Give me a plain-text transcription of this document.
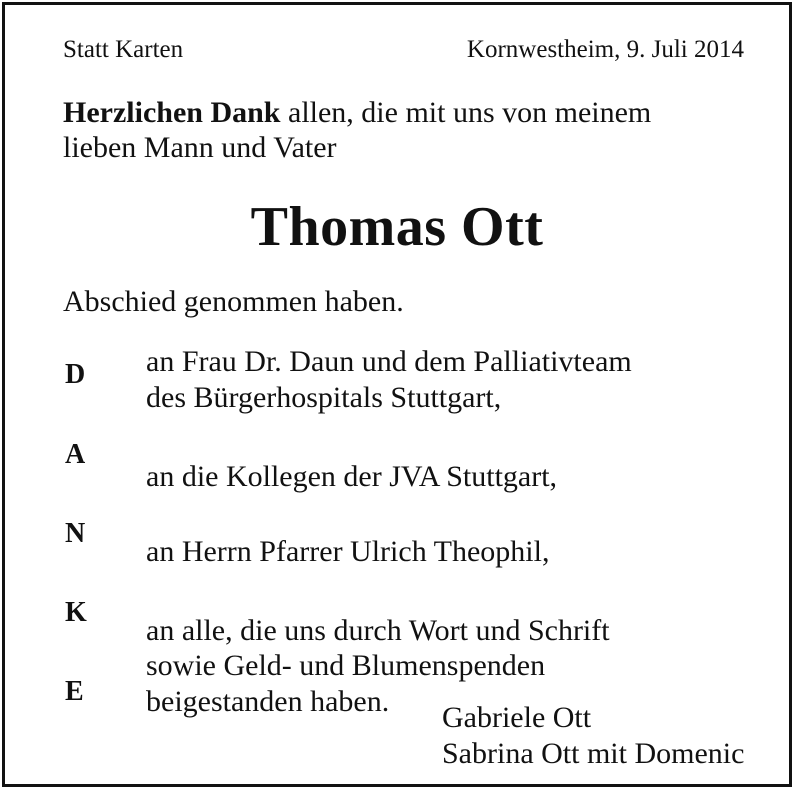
Statt Karten	Kornwestheim, 9. Juli 2014
Herzlichen Dank allen, die mit uns von meinem
lieben Mann und Vater
Thomas Ott
Abschied genommen haben.
D
A
N
K
E
an Frau Dr. Daun und dem Palliativteam
des Bürgerhospitals Stuttgart,
an die Kollegen der JVA Stuttgart,
an Herrn Pfarrer Ulrich Theophil,
an alle, die uns durch Wort und Schrift
sowie Geld- und Blumenspenden
beigestanden haben. Gabriele Ott
Sabrina Ott mit Domenic
